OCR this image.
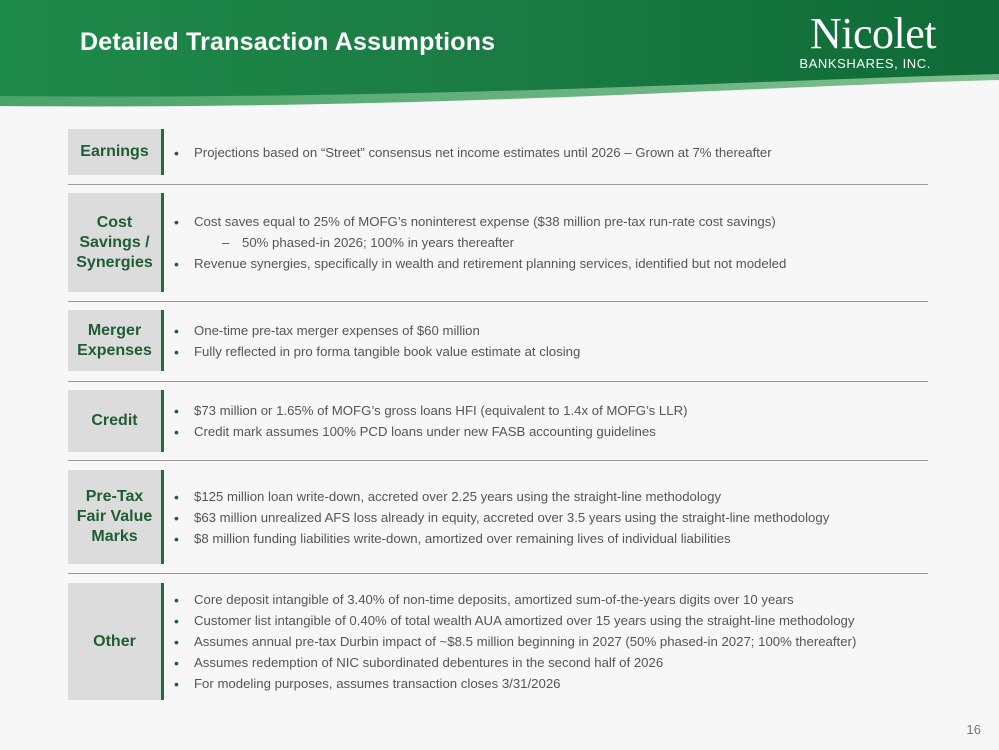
Detailed Transaction Assumptions	Nicolet
BANKSHARES, INC.
Earnings
•	Projections based on “Street” consensus net income estimates until 2026 – Grown at 7% thereafter
Cost
Savings /
Synergies
• Cost saves equal to 25% of MOFG’s noninterest expense ($38 million pre-tax run-rate cost savings)
– 50% phased-in 2026; 100% in years thereafter
• Revenue synergies, specifically in wealth and retirement planning services, identified but not modeled
Merger
Expenses
• One-time pre-tax merger expenses of $60 million
• Fully reflected in pro forma tangible book value estimate at closing
Credit
• $73 million or 1.65% of MOFG’s gross loans HFI (equivalent to 1.4x of MOFG’s LLR)
• Credit mark assumes 100% PCD loans under new FASB accounting guidelines
Pre-Tax
Fair Value
Marks
• $125 million loan write-down, accreted over 2.25 years using the straight-line methodology
• $63 million unrealized AFS loss already in equity, accreted over 3.5 years using the straight-line methodology
• $8 million funding liabilities write-down, amortized over remaining lives of individual liabilities
Other
• Core deposit intangible of 3.40% of non-time deposits, amortized sum-of-the-years digits over 10 years
• Customer list intangible of 0.40% of total wealth AUA amortized over 15 years using the straight-line methodology
• Assumes annual pre-tax Durbin impact of ~$8.5 million beginning in 2027 (50% phased-in 2027; 100% thereafter)
• Assumes redemption of NIC subordinated debentures in the second half of 2026
• For modeling purposes, assumes transaction closes 3/31/2026
16
